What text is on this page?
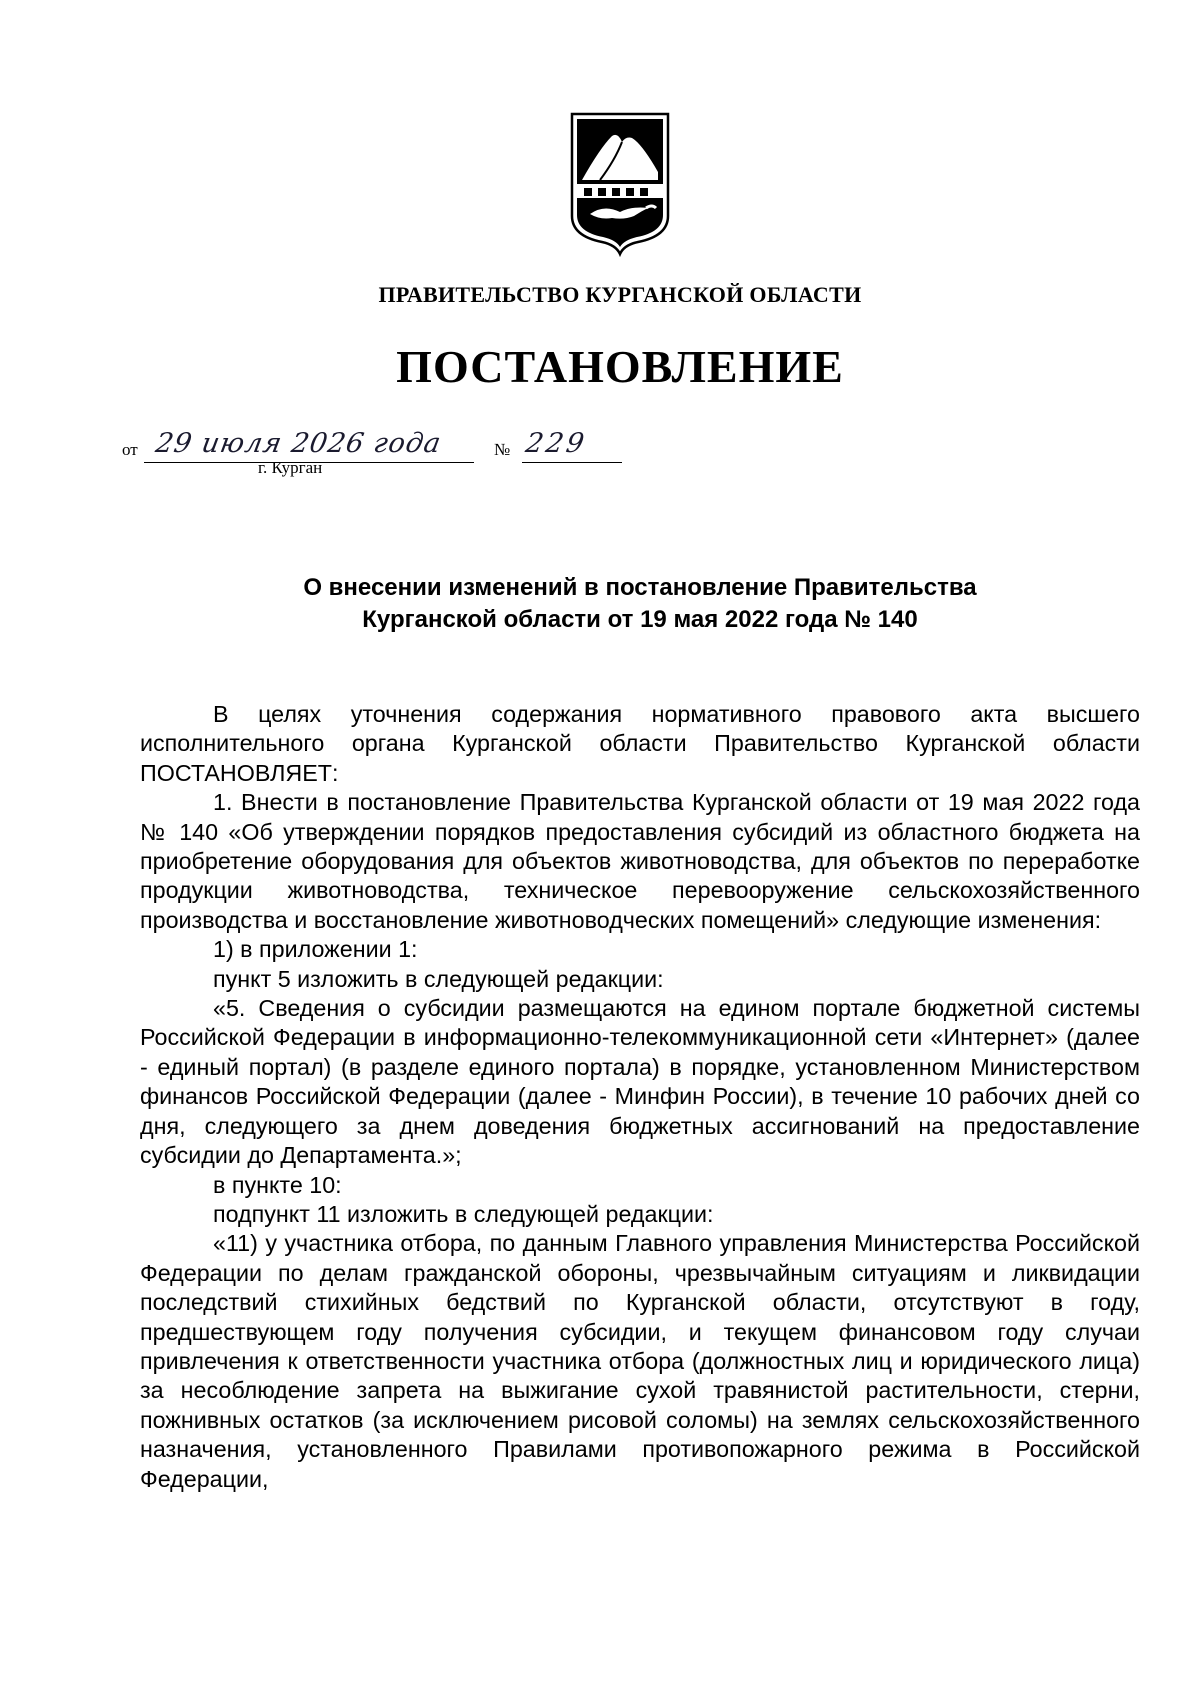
ПРАВИТЕЛЬСТВО КУРГАНСКОЙ ОБЛАСТИ
ПОСТАНОВЛЕНИЕ
от 29 июля 2026 года	№ 229
г. Курган
О внесении изменений в постановление Правительства
Курганской области от 19 мая 2022 года № 140

В целях уточнения содержания нормативного правового акта высшего исполнительного органа Курганской области Правительство Курганской области ПОСТАНОВЛЯЕТ:

1. Внести в постановление Правительства Курганской области от 19 мая 2022 года № 140 «Об утверждении порядков предоставления субсидий из областного бюджета на приобретение оборудования для объектов животноводства, для объектов по переработке продукции животноводства, техническое перевооружение сельскохозяйственного производства и восстановление животноводческих помещений» следующие изменения:

1) в приложении 1:

пункт 5 изложить в следующей редакции:

«5. Сведения о субсидии размещаются на едином портале бюджетной системы Российской Федерации в информационно-телекоммуникационной сети «Интернет» (далее - единый портал) (в разделе единого портала) в порядке, установленном Министерством финансов Российской Федерации (далее - Минфин России), в течение 10 рабочих дней со дня, следующего за днем доведения бюджетных ассигнований на предоставление субсидии до Департамента.»;

в пункте 10:

подпункт 11 изложить в следующей редакции:

«11) у участника отбора, по данным Главного управления Министерства Российской Федерации по делам гражданской обороны, чрезвычайным ситуациям и ликвидации последствий стихийных бедствий по Курганской области, отсутствуют в году, предшествующем году получения субсидии, и текущем финансовом году случаи привлечения к ответственности участника отбора (должностных лиц и юридического лица) за несоблюдение запрета на выжигание сухой травянистой растительности, стерни, пожнивных остатков (за исключением рисовой соломы) на землях сельскохозяйственного назначения, установленного Правилами противопожарного режима в Российской Федерации,
